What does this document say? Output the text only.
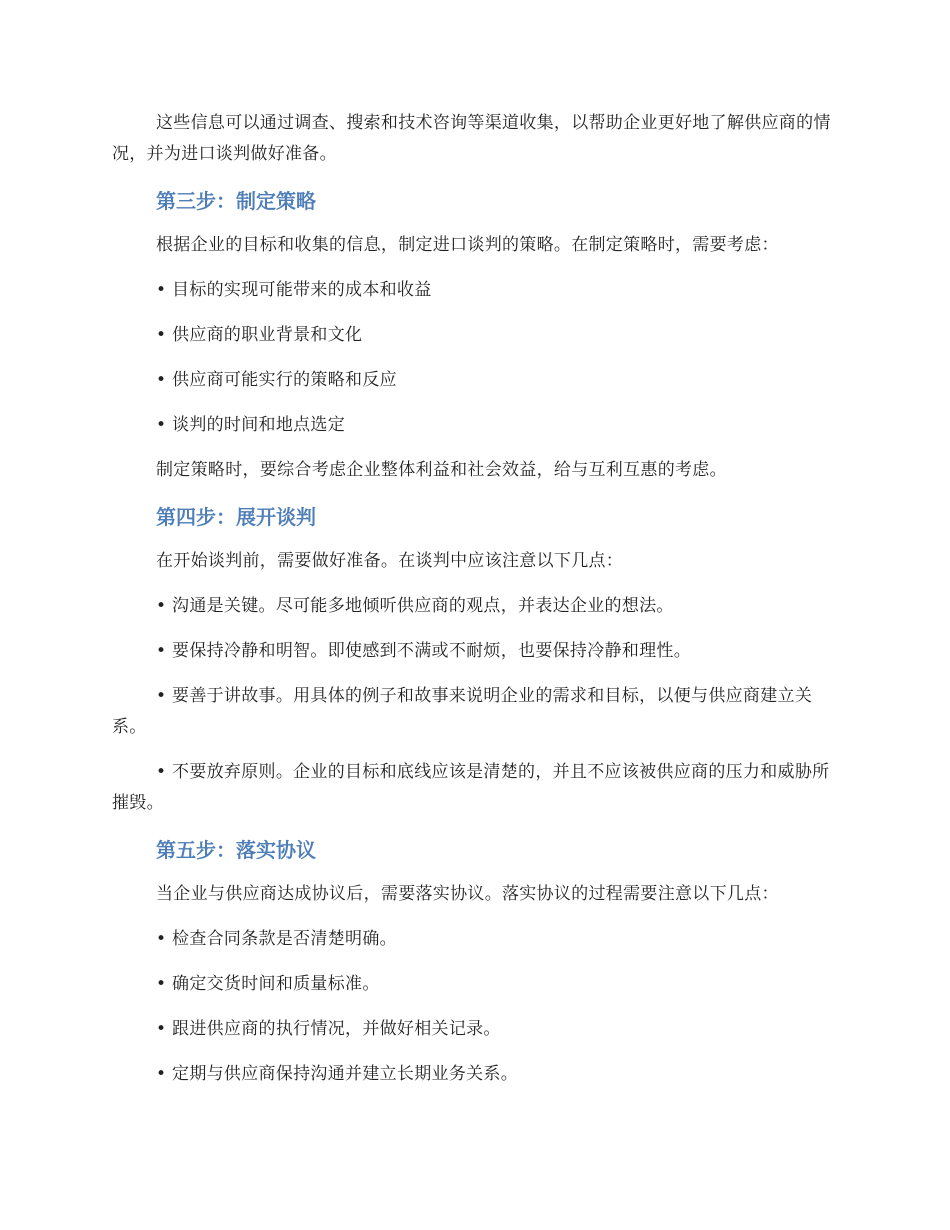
这些信息可以通过调查、搜索和技术咨询等渠道收集，以帮助企业更好地了解供应商的情况，并为进口谈判做好准备。

第三步：制定策略

根据企业的目标和收集的信息，制定进口谈判的策略。在制定策略时，需要考虑：

• 目标的实现可能带来的成本和收益

• 供应商的职业背景和文化

• 供应商可能实行的策略和反应

• 谈判的时间和地点选定

制定策略时，要综合考虑企业整体利益和社会效益，给与互利互惠的考虑。

第四步：展开谈判

在开始谈判前，需要做好准备。在谈判中应该注意以下几点：

• 沟通是关键。尽可能多地倾听供应商的观点，并表达企业的想法。

• 要保持冷静和明智。即使感到不满或不耐烦，也要保持冷静和理性。

• 要善于讲故事。用具体的例子和故事来说明企业的需求和目标，以便与供应商建立关系。

• 不要放弃原则。企业的目标和底线应该是清楚的，并且不应该被供应商的压力和威胁所摧毁。

第五步：落实协议

当企业与供应商达成协议后，需要落实协议。落实协议的过程需要注意以下几点：

• 检查合同条款是否清楚明确。

• 确定交货时间和质量标准。

• 跟进供应商的执行情况，并做好相关记录。

• 定期与供应商保持沟通并建立长期业务关系。
